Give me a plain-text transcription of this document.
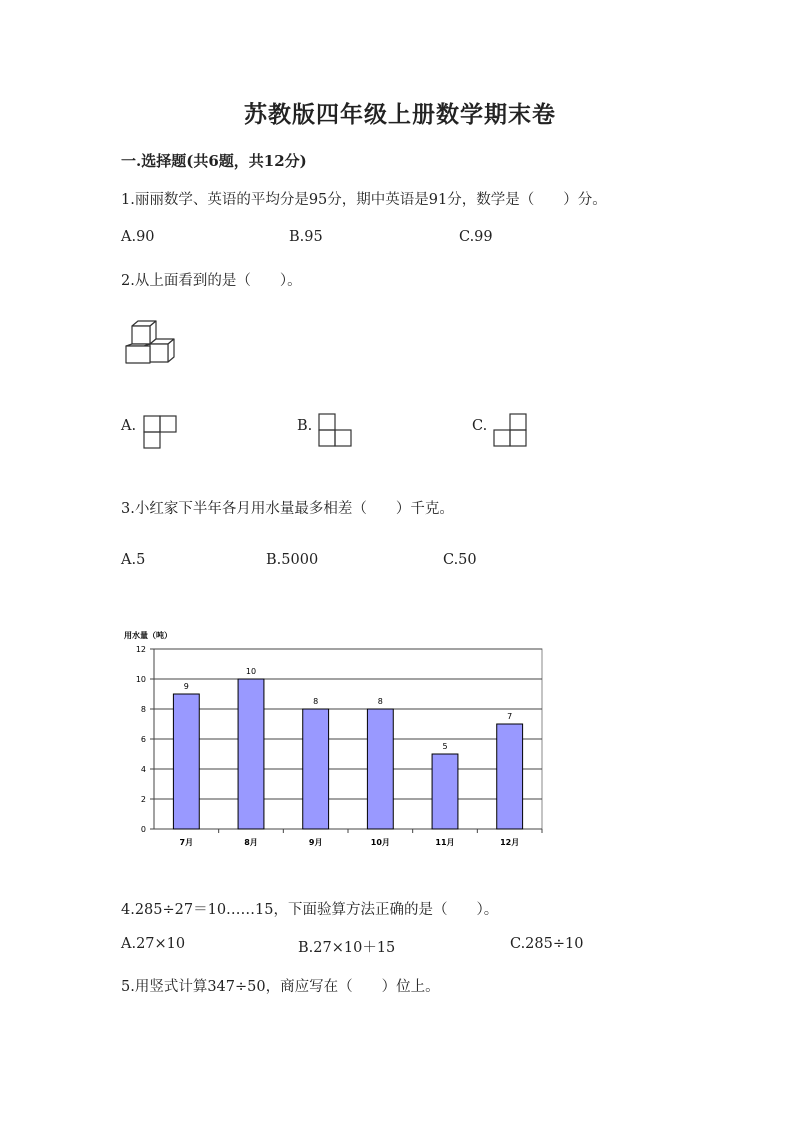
苏教版四年级上册数学期末卷
一.选择题(共6题，共12分)
1.丽丽数学、英语的平均分是95分，期中英语是91分，数学是（　　）分。
A.90	B.95	C.99
2.从上面看到的是（　　）。
A.	B.	C.
3.小红家下半年各月用水量最多相差（　　）千克。
A.5	B.5000	C.50
用水量（吨）
0
2
4
6
8
10
12
9
10
8	8
5
7
7月	8月	9月	10月	11月	12月
4.285÷27＝10……15，下面验算方法正确的是（　　）。
A.27×10	B.27×10＋15	C.285÷10
5.用竖式计算347÷50，商应写在（　　）位上。
